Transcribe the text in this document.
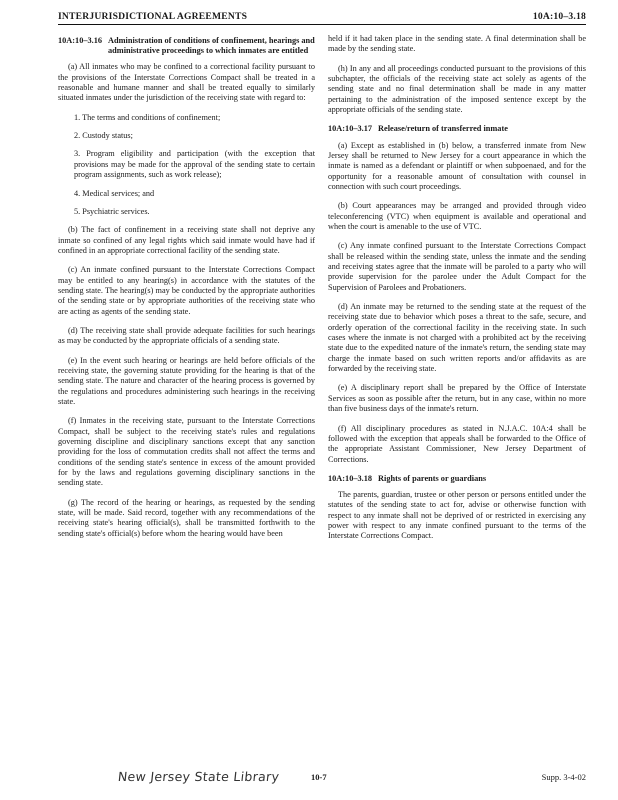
INTERJURISDICTIONAL AGREEMENTS	10A:10–3.18
10A:10–3.16 Administration of conditions of confinement, hearings and administrative proceedings to which inmates are entitled

(a) All inmates who may be confined to a correctional facility pursuant to the provisions of the Interstate Corrections Compact shall be treated in a reasonable and humane manner and shall be treated equally to similarly situated inmates under the jurisdiction of the receiving state with regard to:

1. The terms and conditions of confinement;

2. Custody status;

3. Program eligibility and participation (with the exception that provisions may be made for the approval of the sending state to certain program assignments, such as work release);

4. Medical services; and

5. Psychiatric services.

(b) The fact of confinement in a receiving state shall not deprive any inmate so confined of any legal rights which said inmate would have had if confined in an appropriate correctional facility of the sending state.

(c) An inmate confined pursuant to the Interstate Corrections Compact may be entitled to any hearing(s) in accordance with the statutes of the sending state. The hearing(s) may be conducted by the appropriate authorities of the sending state or by appropriate authorities of the receiving state who are acting as agents of the sending state.

(d) The receiving state shall provide adequate facilities for such hearings as may be conducted by the appropriate officials of a sending state.

(e) In the event such hearing or hearings are held before officials of the receiving state, the governing statute providing for the hearing is that of the sending state. The nature and character of the hearing process is governed by the regulations and procedures administering such hearings in the receiving state.

(f) Inmates in the receiving state, pursuant to the Interstate Corrections Compact, shall be subject to the receiving state's rules and regulations governing discipline and disciplinary sanctions except that any sanction providing for the loss of commutation credits shall not affect the terms and conditions of the sending state's sentence in excess of the amount provided for by the laws and regulations governing disciplinary sanctions in the sending state.

(g) The record of the hearing or hearings, as requested by the sending state, will be made. Said record, together with any recommendations of the receiving state's hearing official(s), shall be transmitted forthwith to the sending state's official(s) before whom the hearing would have been

held if it had taken place in the sending state. A final determination shall be made by the sending state.

(h) In any and all proceedings conducted pursuant to the provisions of this subchapter, the officials of the receiving state act solely as agents of the sending state and no final determination shall be made in any matter pertaining to the administration of the imposed sentence except by the appropriate officials of the sending state.

10A:10–3.17 Release/return of transferred inmate

(a) Except as established in (b) below, a transferred inmate from New Jersey shall be returned to New Jersey for a court appearance in which the inmate is named as a defendant or plaintiff or when subpoenaed, and for the opportunity for a reasonable amount of consultation with counsel in connection with such court proceedings.

(b) Court appearances may be arranged and provided through video teleconferencing (VTC) when equipment is available and operational and when the court is amenable to the use of VTC.

(c) Any inmate confined pursuant to the Interstate Corrections Compact shall be released within the sending state, unless the inmate and the sending and receiving states agree that the inmate will be paroled to a party who will provide supervision for the parolee under the Adult Compact for the Supervision of Parolees and Probationers.

(d) An inmate may be returned to the sending state at the request of the receiving state due to behavior which poses a threat to the safe, secure, and orderly operation of the correctional facility in the receiving state. In such cases where the inmate is not charged with a prohibited act by the receiving state due to the expedited nature of the inmate's return, the sending state may charge the inmate based on such written reports and/or affidavits as are forwarded by the receiving state.

(e) A disciplinary report shall be prepared by the Office of Interstate Services as soon as possible after the return, but in any case, within no more than five business days of the inmate's return.

(f) All disciplinary procedures as stated in N.J.A.C. 10A:4 shall be followed with the exception that appeals shall be forwarded to the Office of the appropriate Assistant Commissioner, New Jersey Department of Corrections.

10A:10–3.18 Rights of parents or guardians

The parents, guardian, trustee or other person or persons entitled under the statutes of the sending state to act for, advise or otherwise function with respect to any inmate shall not be deprived of or restricted in exercising any power with respect to any inmate confined pursuant to the terms of the Interstate Corrections Compact.

New Jersey State Library	10-7	Supp. 3-4-02
